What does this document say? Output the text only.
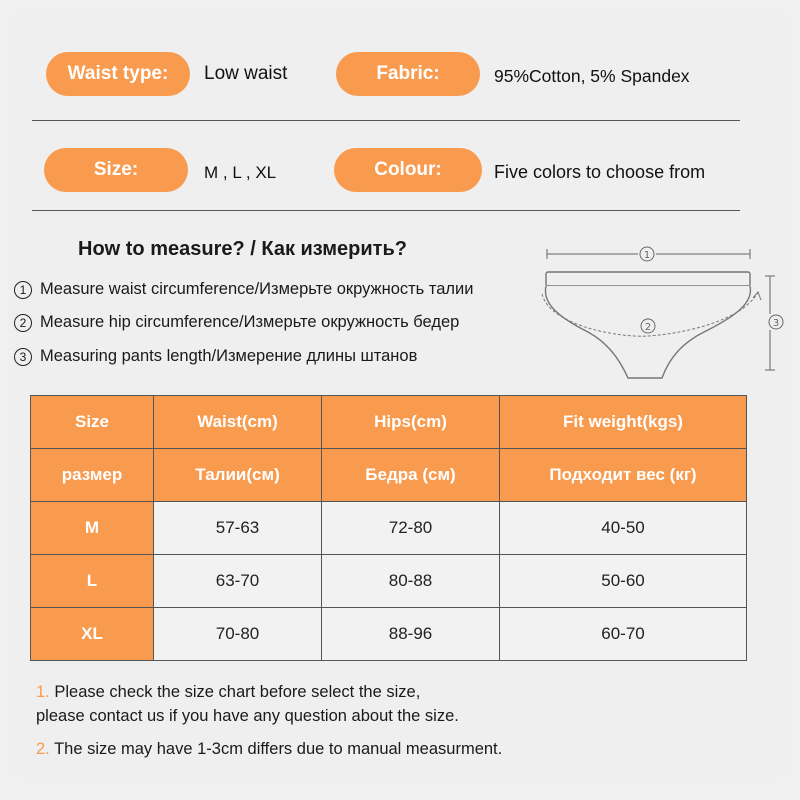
Waist type:	Low waist	Fabric:	95%Cotton, 5% Spandex
Size:	M , L , XL	Colour:	Five colors to choose from
How to measure? / Как измерить?
1 Measure waist circumference/Измерьте окружность талии
2 Measure hip circumference/Измерьте окружность бедер
3 Measuring pants length/Измерение длины штанов
1
2	3
Size	Waist(cm)	Hips(cm)	Fit weight(kgs)
размер	Талии(см)	Бедра (см)	Подходит вес (кг)
M	57-63	72-80	40-50
L	63-70	80-88	50-60
XL	70-80	88-96	60-70
1. Please check the size chart before select the size,
please contact us if you have any question about the size.
2. The size may have 1-3cm differs due to manual measurment.
